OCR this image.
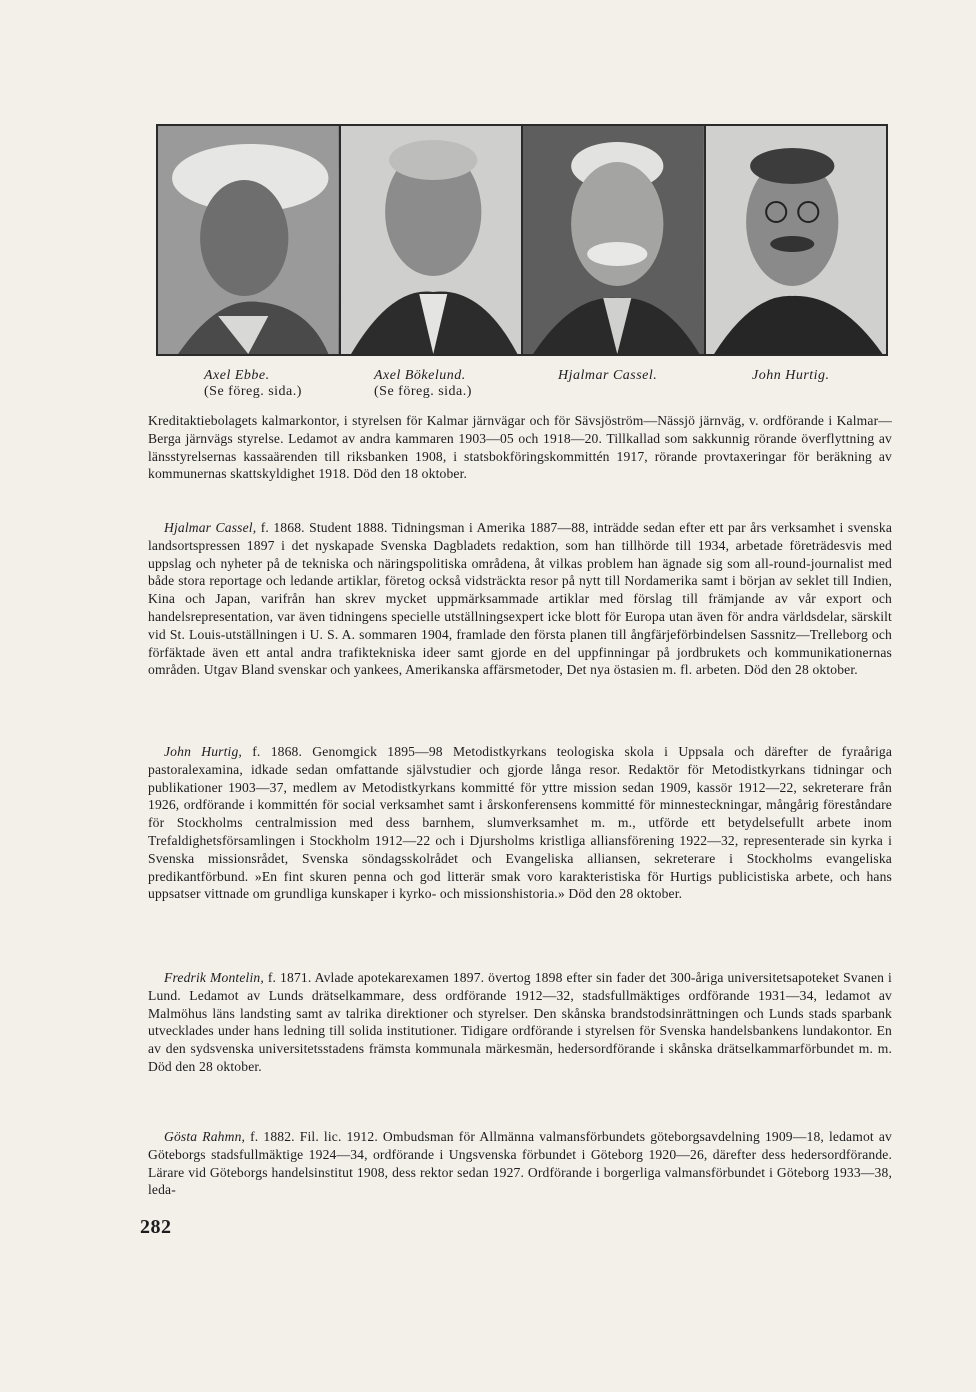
Axel Ebbe.
(Se föreg. sida.)
Axel Bökelund.
(Se föreg. sida.)
Hjalmar Cassel.	John Hurtig.
Kreditaktiebolagets kalmarkontor, i styrelsen för Kalmar järnvägar och för Sävsjöström—Nässjö järnväg, v. ordförande i Kalmar—Berga järnvägs styrelse. Ledamot av andra kammaren 1903—05 och 1918—20. Tillkallad som sakkunnig rörande överflyttning av länsstyrelsernas kassaärenden till riksbanken 1908, i statsbokföringskommittén 1917, rörande provtaxeringar för beräkning av kommunernas skattskyldighet 1918. Död den 18 oktober.
Hjalmar Cassel, f. 1868. Student 1888. Tidningsman i Amerika 1887—88, inträdde sedan efter ett par års verksamhet i svenska landsortspressen 1897 i det nyskapade Svenska Dagbladets redaktion, som han tillhörde till 1934, arbetade företrädesvis med uppslag och nyheter på de tekniska och näringspolitiska områdena, åt vilkas problem han ägnade sig som all-round-journalist med både stora reportage och ledande artiklar, företog också vidsträckta resor på nytt till Nordamerika samt i början av seklet till Indien, Kina och Japan, varifrån han skrev mycket uppmärksammade artiklar med förslag till främjande av vår export och handelsrepresentation, var även tidningens specielle utställningsexpert icke blott för Europa utan även för andra världsdelar, särskilt vid St. Louis-utställningen i U. S. A. sommaren 1904, framlade den första planen till ångfärjeförbindelsen Sassnitz—Trelleborg och förfäktade även ett antal andra trafiktekniska ideer samt gjorde en del uppfinningar på jordbrukets och kommunikationernas områden. Utgav Bland svenskar och yankees, Amerikanska affärsmetoder, Det nya östasien m. fl. arbeten. Död den 28 oktober.
John Hurtig, f. 1868. Genomgick 1895—98 Metodistkyrkans teologiska skola i Uppsala och därefter de fyraåriga pastoralexamina, idkade sedan omfattande självstudier och gjorde långa resor. Redaktör för Metodistkyrkans tidningar och publikationer 1903—37, medlem av Metodistkyrkans kommitté för yttre mission sedan 1909, kassör 1912—22, sekreterare från 1926, ordförande i kommittén för social verksamhet samt i årskonferensens kommitté för minnesteckningar, mångårig föreståndare för Stockholms centralmission med dess barnhem, slumverksamhet m. m., utförde ett betydelsefullt arbete inom Trefaldighetsförsamlingen i Stockholm 1912—22 och i Djursholms kristliga alliansförening 1922—32, representerade sin kyrka i Svenska missionsrådet, Svenska söndagsskolrådet och Evangeliska alliansen, sekreterare i Stockholms evangeliska predikantförbund. »En fint skuren penna och god litterär smak voro karakteristiska för Hurtigs publicistiska arbete, och hans uppsatser vittnade om grundliga kunskaper i kyrko- och missionshistoria.» Död den 28 oktober.
Fredrik Montelin, f. 1871. Avlade apotekarexamen 1897. övertog 1898 efter sin fader det 300-åriga universitetsapoteket Svanen i Lund. Ledamot av Lunds drätselkammare, dess ordförande 1912—32, stadsfullmäktiges ordförande 1931—34, ledamot av Malmöhus läns landsting samt av talrika direktioner och styrelser. Den skånska brandstodsinrättningen och Lunds stads sparbank utvecklades under hans ledning till solida institutioner. Tidigare ordförande i styrelsen för Svenska handelsbankens lundakontor. En av den sydsvenska universitetsstadens främsta kommunala märkesmän, hedersordförande i skånska drätselkammarförbundet m. m. Död den 28 oktober.
Gösta Rahmn, f. 1882. Fil. lic. 1912. Ombudsman för Allmänna valmansförbundets göteborgsavdelning 1909—18, ledamot av Göteborgs stadsfullmäktige 1924—34, ordförande i Ungsvenska förbundet i Göteborg 1920—26, därefter dess hedersordförande. Lärare vid Göteborgs handelsinstitut 1908, dess rektor sedan 1927. Ordförande i borgerliga valmansförbundet i Göteborg 1933—38, leda-
282
